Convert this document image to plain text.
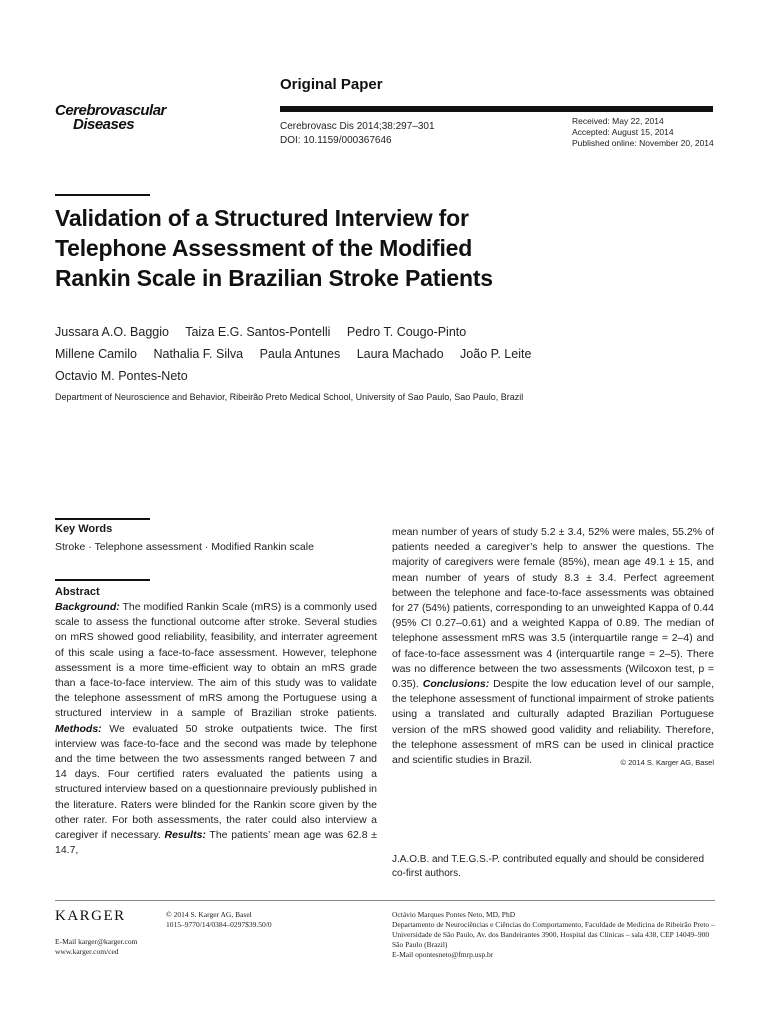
Original Paper
Cerebrovascular
Diseases	Cerebrovasc Dis 2014;38:297–301
DOI: 10.1159/000367646
Received: May 22, 2014
Accepted: August 15, 2014
Published online: November 20, 2014
Validation of a Structured Interview for
Telephone Assessment of the Modified
Rankin Scale in Brazilian Stroke Patients
Jussara A.O. Baggio Taiza E.G. Santos-Pontelli Pedro T. Cougo-Pinto
Millene Camilo Nathalia F. Silva Paula Antunes Laura Machado João P. Leite
Octavio M. Pontes-Neto
Department of Neuroscience and Behavior, Ribeirão Preto Medical School, University of Sao Paulo, Sao Paulo, Brazil
Key Words
Stroke · Telephone assessment · Modified Rankin scale
Abstract
Background: The modified Rankin Scale (mRS) is a commonly used scale to assess the functional outcome after stroke. Several studies on mRS showed good reliability, feasibility, and interrater agreement of this scale using a face-to-face assessment. However, telephone assessment is a more time-efficient way to obtain an mRS grade than a face-to-face interview. The aim of this study was to validate the telephone assessment of mRS among the Portuguese using a structured interview in a sample of Brazilian stroke patients. Methods: We evaluated 50 stroke outpatients twice. The first interview was face-to-face and the second was made by telephone and the time between the two assessments ranged between 7 and 14 days. Four certified raters evaluated the patients using a structured interview based on a questionnaire previously published in the literature. Raters were blinded for the Rankin score given by the other rater. For both assessments, the rater could also interview a caregiver if necessary. Results: The patients’ mean age was 62.8 ± 14.7,
mean number of years of study 5.2 ± 3.4, 52% were males, 55.2% of patients needed a caregiver’s help to answer the questions. The majority of caregivers were female (85%), mean age 49.1 ± 15, and mean number of years of study 8.3 ± 3.4. Perfect agreement between the telephone and face-to-face assessments was obtained for 27 (54%) patients, corresponding to an unweighted Kappa of 0.44 (95% CI 0.27–0.61) and a weighted Kappa of 0.89. The median of telephone assessment mRS was 3.5 (interquartile range = 2–4) and of face-to-face assessment was 4 (interquartile range = 2–5). There was no difference between the two assessments (Wilcoxon test, p = 0.35). Conclusions: Despite the low education level of our sample, the telephone assessment of functional impairment of stroke patients using a translated and culturally adapted Brazilian Portuguese version of the mRS showed good validity and reliability. Therefore, the telephone assessment of mRS can be used in clinical practice and scientific studies in Brazil.	© 2014 S. Karger AG, Basel
J.A.O.B. and T.E.G.S.-P. contributed equally and should be considered co-first authors.
KARGER	© 2014 S. Karger AG, Basel
1015–9770/14/0384–0297$39.50/0
E-Mail karger@karger.com
www.karger.com/ced
Octávio Marques Pontes Neto, MD, PhD
Departamento de Neurociências e Ciências do Comportamento, Faculdade de Medicina de Ribeirão Preto – Universidade de São Paulo, Av. dos Bandeirantes 3900, Hospital das Clínicas – sala 438, CEP 14049–900 São Paulo (Brazil)
E-Mail opontesneto@fmrp.usp.br
